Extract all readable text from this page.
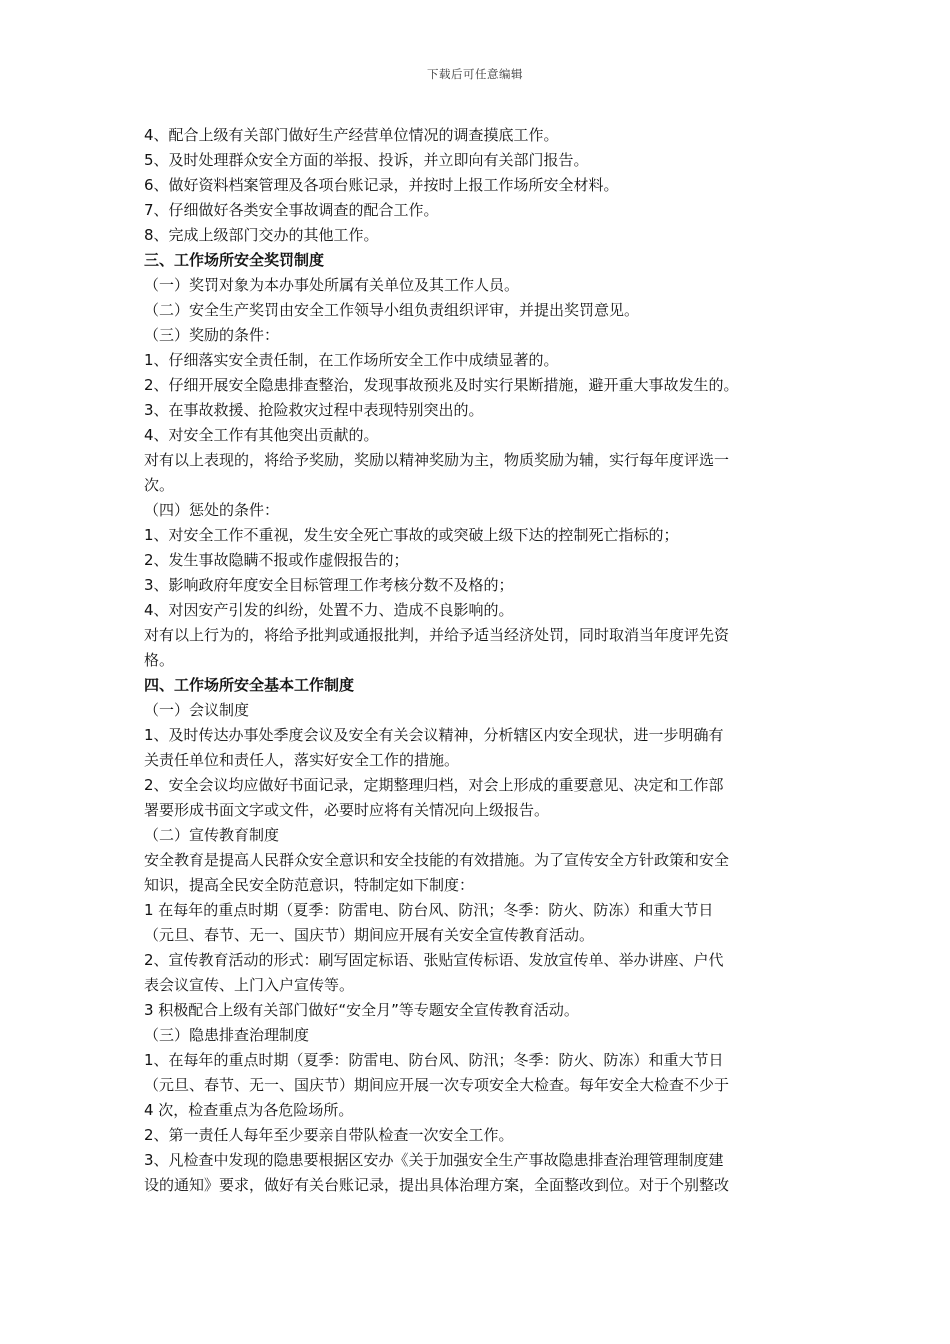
下载后可任意编辑
4、配合上级有关部门做好生产经营单位情况的调查摸底工作。
5、及时处理群众安全方面的举报、投诉，并立即向有关部门报告。
6、做好资料档案管理及各项台账记录，并按时上报工作场所安全材料。
7、仔细做好各类安全事故调查的配合工作。
8、完成上级部门交办的其他工作。
三、工作场所安全奖罚制度
（一）奖罚对象为本办事处所属有关单位及其工作人员。
（二）安全生产奖罚由安全工作领导小组负责组织评审，并提出奖罚意见。
（三）奖励的条件：
1、仔细落实安全责任制，在工作场所安全工作中成绩显著的。
2、仔细开展安全隐患排查整治，发现事故预兆及时实行果断措施，避开重大事故发生的。
3、在事故救援、抢险救灾过程中表现特别突出的。
4、对安全工作有其他突出贡献的。
对有以上表现的，将给予奖励，奖励以精神奖励为主，物质奖励为辅，实行每年度评选一
次。
（四）惩处的条件：
1、对安全工作不重视，发生安全死亡事故的或突破上级下达的控制死亡指标的；
2、发生事故隐瞒不报或作虚假报告的；
3、影响政府年度安全目标管理工作考核分数不及格的；
4、对因安产引发的纠纷，处置不力、造成不良影响的。
对有以上行为的，将给予批判或通报批判，并给予适当经济处罚，同时取消当年度评先资
格。
四、工作场所安全基本工作制度
（一）会议制度
1、及时传达办事处季度会议及安全有关会议精神，分析辖区内安全现状，进一步明确有
关责任单位和责任人，落实好安全工作的措施。
2、安全会议均应做好书面记录，定期整理归档，对会上形成的重要意见、决定和工作部
署要形成书面文字或文件，必要时应将有关情况向上级报告。
（二）宣传教育制度
安全教育是提高人民群众安全意识和安全技能的有效措施。为了宣传安全方针政策和安全
知识，提高全民安全防范意识，特制定如下制度：
1 在每年的重点时期（夏季：防雷电、防台风、防汛；冬季：防火、防冻）和重大节日
（元旦、春节、无一、国庆节）期间应开展有关安全宣传教育活动。
2、宣传教育活动的形式：刷写固定标语、张贴宣传标语、发放宣传单、举办讲座、户代
表会议宣传、上门入户宣传等。
3 积极配合上级有关部门做好“安全月”等专题安全宣传教育活动。
（三）隐患排查治理制度
1、在每年的重点时期（夏季：防雷电、防台风、防汛；冬季：防火、防冻）和重大节日
（元旦、春节、无一、国庆节）期间应开展一次专项安全大检查。每年安全大检查不少于
4 次，检查重点为各危险场所。
2、第一责任人每年至少要亲自带队检查一次安全工作。
3、凡检查中发现的隐患要根据区安办《关于加强安全生产事故隐患排查治理管理制度建
设的通知》要求，做好有关台账记录，提出具体治理方案，全面整改到位。对于个别整改
